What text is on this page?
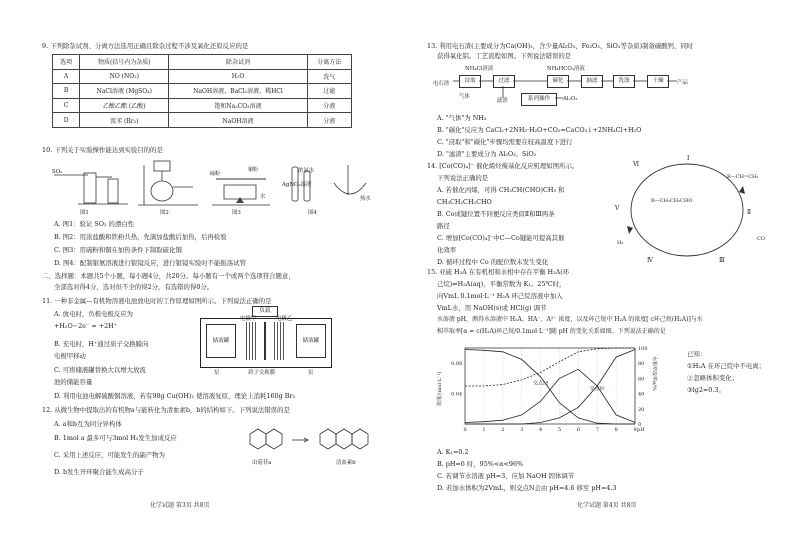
9. 下列除杂试剂、分离方法选用正确且除杂过程不涉及氧化还原反应的是
选项	物质(括号内为杂质)	除杂试剂	分离方法
A	NO (NO₂)	H₂O	洗气
B	NaCl溶液 (MgSO₄)	NaOH溶液、BaCl₂溶液、稀HCl	过滤
C	乙酸乙酯 (乙酸)	饱和Na₂CO₃溶液	分液
D	溴苯 (Br₂)	NaOH溶液	分液
10. 下列关于实验操作能达到实验目的的是
铜粉
硫粉
SO₂
图1	图2	图3	图4
AgNO₃溶液
浓氨水
热水
水
A. 图1：验证 SO₂ 的漂白性
B. 图2：用浓盐酸和铁粉共热，先滴加盐酸后加热，后再检验
C. 图3：用硫粉和铜在加热条件下制取硫化铜
D. 图4：配制银氨溶液进行银镜反应，进行银镜实验时不能振荡试管
二、选择题：本题共5个小题，每小题4分，共20分。每小题有一个或两个选项符合题意，
全部选对得4分，选对但不全的得2分，有选错的得0分。
11. 一种非金属—有机物溶液电池放电时的工作原理如图所示。下列说法正确的是
A. 放电时，负极电极反应为
+H₂O−2e⁻ = +2H⁺
B. 充电时，H⁺通过质子交换膜向
电极甲移动
C. 可将储液罐替换大以增大放流
池的储能容量
D. 利用电池电解硫酸铜溶液，若有98g Cu(OH)₂ 使溶液复原，理论上消耗160g Br₂
储液罐	储液罐
负载
电极甲	电极乙
质子交换膜
泵	泵
12. 从微生物中提取出的有机物a与能转化为清血素b，b的结构如下。下列说法错误的是
A. a和b互为同分异构体
B. 1mol a 最多可与3mol H₂发生加成反应
C. 采用上述反应，可能发生的副产物为
D. b发生开环聚合能生成高分子
由菇苷a	清血素b
化学试题 第3页 共8页
13. 利用电石渣(主要成分为Ca(OH)₂，含少量Al₂O₃、Fe₂O₃、SiO₂等杂质)制备碳酸钙，同时
获得氧化铝。工艺流程如图。下列说法错误的是
NH₄Cl溶液	NH₄HCO₃溶液
电石渣	浸取	过滤	碳化	抽滤	洗涤	干燥	产品
气体
滤渣	系列操作	Al₂O₃
A. "气体"为 NH₃
B. "碳化"反应为 CaCl₂+2NH₃·H₂O+CO₂=CaCO₃↓+2NH₄Cl+H₂O
C. "浸取"和"碳化"步骤均需要在较高温度下进行
D. "滤渣"主要成分为 Al₂O₃、SiO₂
14. [Co(CO)₄]⁻ 催化烯烃羰基化反应机理如图所示。
下列说法正确的是
A. 若催化丙烯，可得 CH₃CH(CHO)CH₃ 和
CH₃CH₂CH₂CHO
B. Co成键位置不同便反应类似Ⅱ和Ⅲ两条
路径
C. 增加[Co(CO)₄]⁻中C—Co键能可提高其催
化效率
D. 循环过程中 Co 的配位数未发生变化
Ⅰ
Ⅱ
Ⅲ
Ⅳ
Ⅴ
Ⅵ
R—CH=CH₂
CO
H₂
R—CH₂CH₂CHO
15. 亚硫 H₂A 在有机相和水相中存在平衡 H₂A(环
己烷)⇌H₂A(aq)，平衡常数为 K₁。25℃时，
向VmL 0.1mol·L⁻¹ H₂A 环己烷溶液中加入
VmL水，用 NaOH(s)或 HCl(g) 调节
水溶液 pH，测得水溶液中 H₂A、HA⁻、A²⁻ 浓度，以及环己烷中 H₂A 的浓度[ c环己烷(H₂A)]与水
相萃取率[α = c(H₂A)环己烷/0.1mol·L⁻¹]随 pH 的变化关系如图。下列说法正确的是
0	1	2	3	4	5	6	7	8	9
0.08
0.04
100
80
60
40
20
0
pH
浓度/(mol·L⁻¹)	水相萃取率α/%
交点M
交点N
已知：
①H₂A 在环己烷中不电离；
②忽略体积变化；
③lg2=0.3。
A. K₁=0.2
B. pH=6 时，95%<α<96%
C. 若调节水溶液 pH=3，应加 NaOH 固体调节
D. 若加水体积为2VmL，则交点N会由 pH=4.6 移至 pH=4.3
化学试题 第4页 共8页
